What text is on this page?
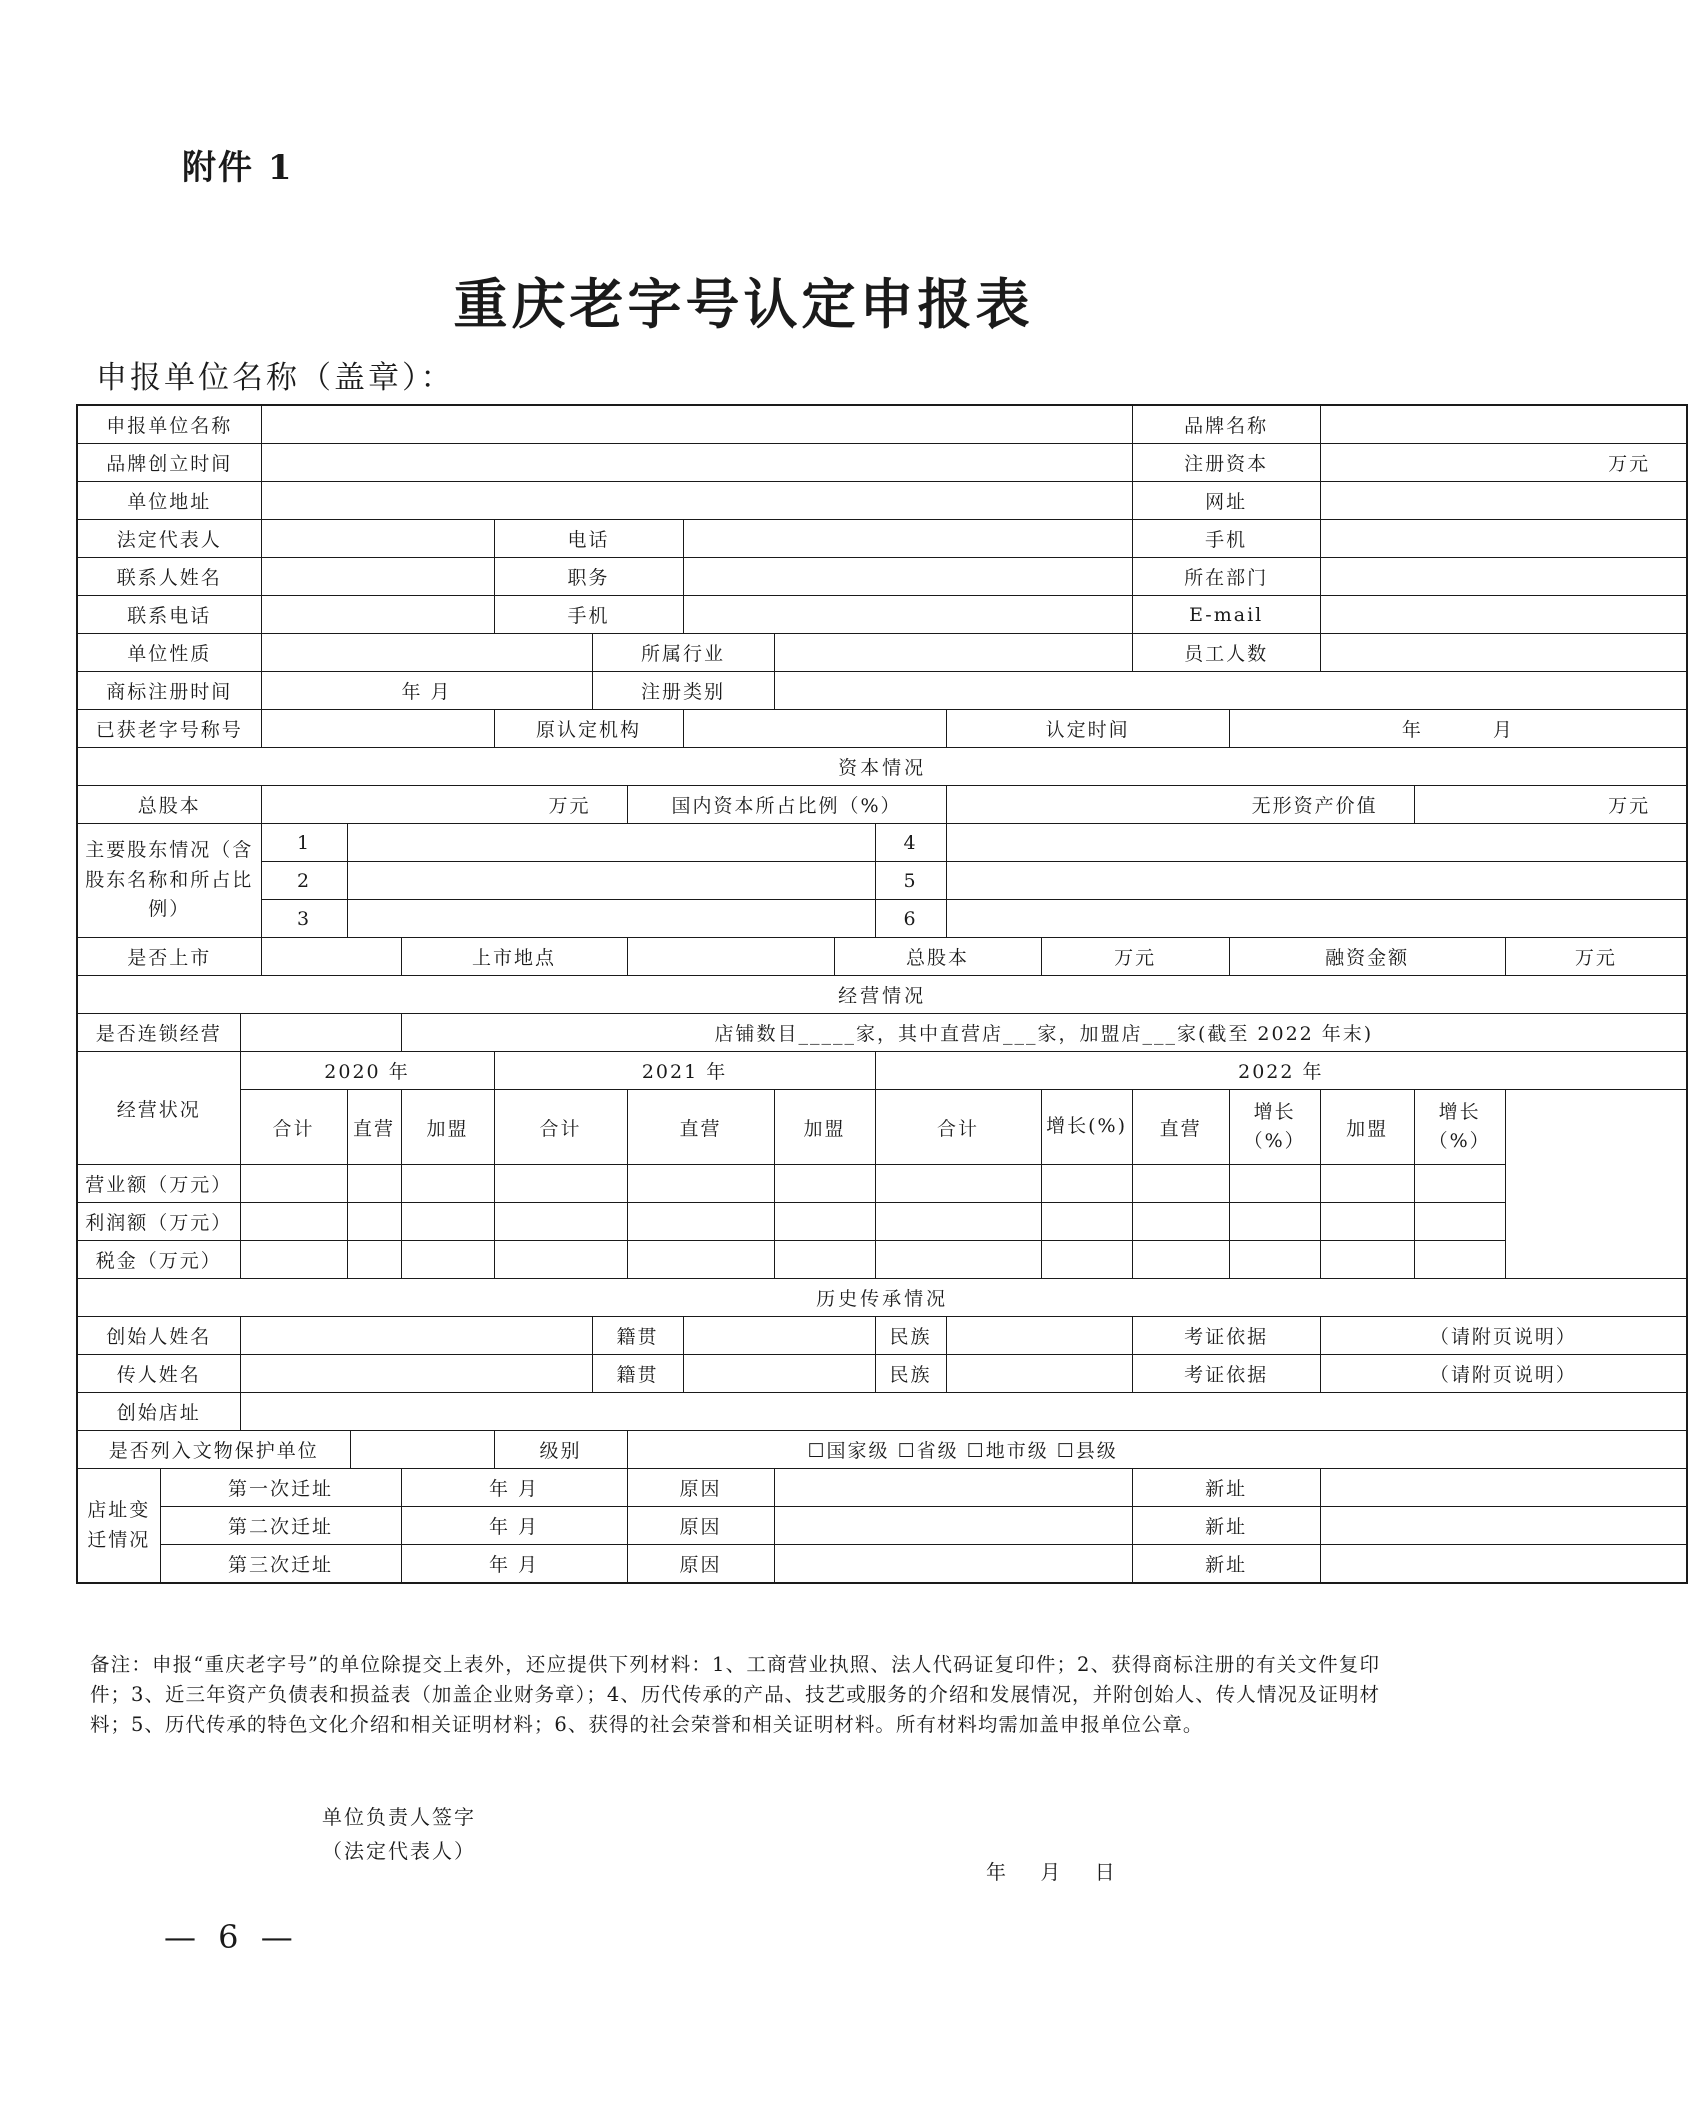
附件 1
重庆老字号认定申报表
申报单位名称（盖章）：
申报单位名称																品牌名称				
品牌创立时间																注册资本		万元		
单位地址																网址				
法定代表人							电话									手机				
联系人姓名							职务									所在部门				
联系电话							手机									E-mail				
单位性质								所属行业								员工人数				
商标注册时间			年 月					注册类别												
已获老字号称号							原认定机构							认定时间			年 月			
资本情况																				
总股本			万元						国内资本所占比例（%）					无形资产价值					万元	
主要股东情况（含股东名称和所占比例）			1										4							
			2										5							
			3										6							
是否上市						上市地点						总股本			万元		融资金额			万元
经营情况																				
是否连锁经营						店铺数目_____家，其中直营店___家，加盟店___家(截至 2022 年末)														
经营状况		2020 年					2021 年						2022 年							
		合计		直营		加盟	合计		直营		加盟		合计		增长(%)	直营	增长（%）	加盟	增长（%）	
营业额（万元）																				
利润额（万元）																				
税金（万元）																				
历史传承情况																				
创始人姓名								籍贯					民族			考证依据		（请附页说明）		
传人姓名								籍贯					民族			考证依据		（请附页说明）		
创始店址																				
是否列入文物保护单位							级别		☐国家级 ☐省级 ☐地市级 ☐县级											
店址变迁情况	第一次迁址					年 月			原因							新址				
	第二次迁址					年 月			原因							新址				
	第三次迁址					年 月			原因							新址				
备注：申报“重庆老字号”的单位除提交上表外，还应提供下列材料：1、工商营业执照、法人代码证复印件；2、获得商标注册的有关文件复印件；3、近三年资产负债表和损益表（加盖企业财务章）；4、历代传承的产品、技艺或服务的介绍和发展情况，并附创始人、传人情况及证明材料；5、历代传承的特色文化介绍和相关证明材料；6、获得的社会荣誉和相关证明材料。所有材料均需加盖申报单位公章。
单位负责人签字
（法定代表人）
年 月 日
— 6 —
